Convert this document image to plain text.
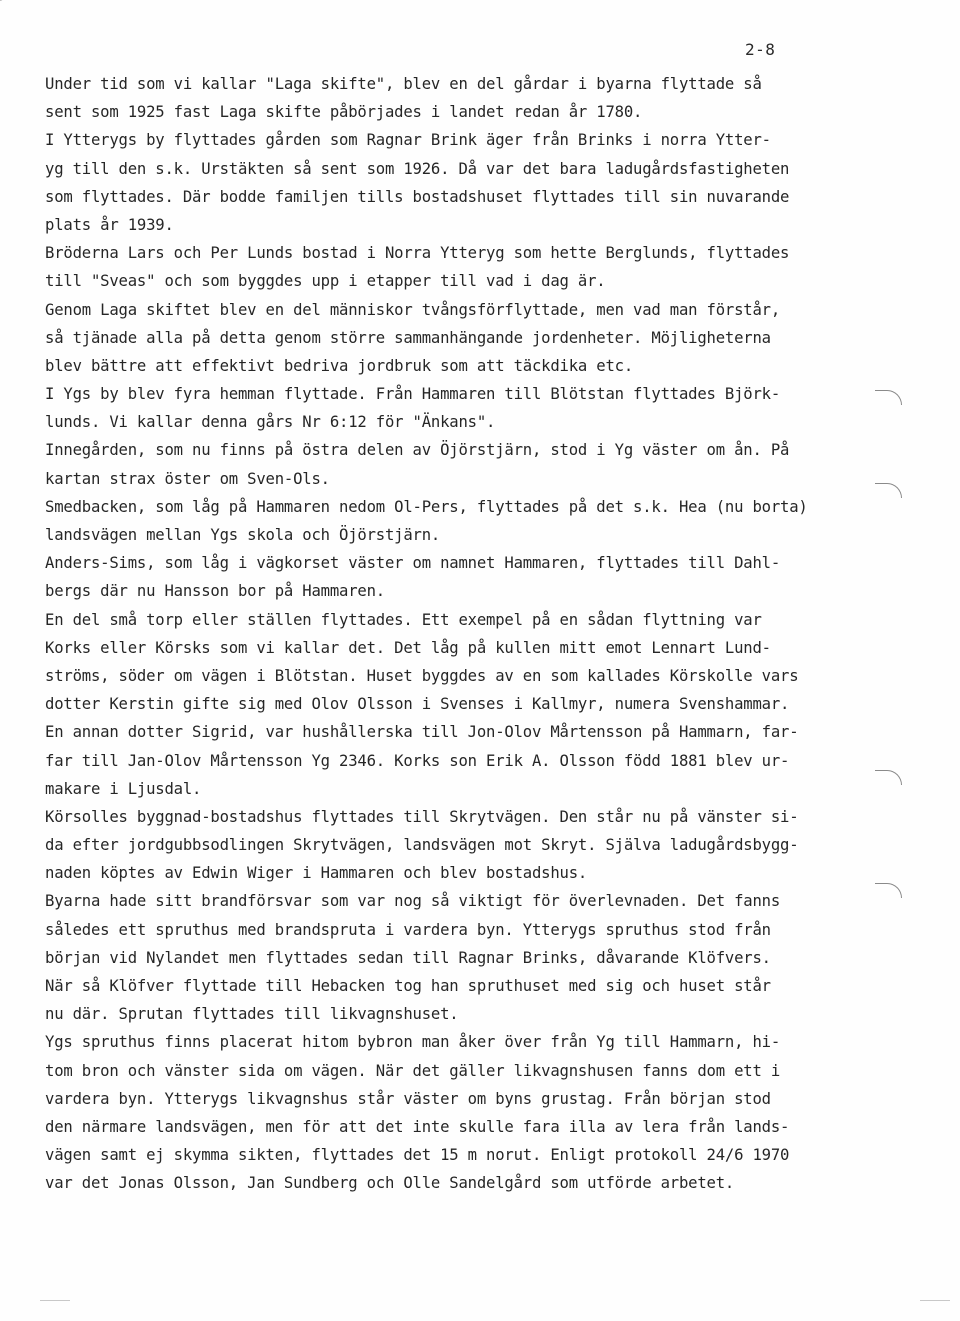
2-8
Under tid som vi kallar "Laga skifte", blev en del gårdar i byarna flyttade så
sent som 1925 fast Laga skifte påbörjades i landet redan år 1780.
I Ytterygs by flyttades gården som Ragnar Brink äger från Brinks i norra Ytter-
yg till den s.k. Urstäkten så sent som 1926. Då var det bara ladugårdsfastigheten
som flyttades. Där bodde familjen tills bostadshuset flyttades till sin nuvarande
plats år 1939.
Bröderna Lars och Per Lunds bostad i Norra Ytteryg som hette Berglunds, flyttades
till "Sveas" och som byggdes upp i etapper till vad i dag är.
Genom Laga skiftet blev en del människor tvångsförflyttade, men vad man förstår,
så tjänade alla på detta genom större sammanhängande jordenheter. Möjligheterna
blev bättre att effektivt bedriva jordbruk som att täckdika etc.
I Ygs by blev fyra hemman flyttade. Från Hammaren till Blötstan flyttades Björk-
lunds. Vi kallar denna gårs Nr 6:12 för "Änkans".
Innegården, som nu finns på östra delen av Öjörstjärn, stod i Yg väster om ån. På
kartan strax öster om Sven-Ols.
Smedbacken, som låg på Hammaren nedom Ol-Pers, flyttades på det s.k. Hea (nu borta)
landsvägen mellan Ygs skola och Öjörstjärn.
Anders-Sims, som låg i vägkorset väster om namnet Hammaren, flyttades till Dahl-
bergs där nu Hansson bor på Hammaren.
En del små torp eller ställen flyttades. Ett exempel på en sådan flyttning var
Korks eller Körsks som vi kallar det. Det låg på kullen mitt emot Lennart Lund-
ströms, söder om vägen i Blötstan. Huset byggdes av en som kallades Körskolle vars
dotter Kerstin gifte sig med Olov Olsson i Svenses i Kallmyr, numera Svenshammar.
En annan dotter Sigrid, var hushållerska till Jon-Olov Mårtensson på Hammarn, far-
far till Jan-Olov Mårtensson Yg 2346. Korks son Erik A. Olsson född 1881 blev ur-
makare i Ljusdal.
Körsolles byggnad-bostadshus flyttades till Skrytvägen. Den står nu på vänster si-
da efter jordgubbsodlingen Skrytvägen, landsvägen mot Skryt. Själva ladugårdsbygg-
naden köptes av Edwin Wiger i Hammaren och blev bostadshus.
Byarna hade sitt brandförsvar som var nog så viktigt för överlevnaden. Det fanns
således ett spruthus med brandspruta i vardera byn. Ytterygs spruthus stod från
början vid Nylandet men flyttades sedan till Ragnar Brinks, dåvarande Klöfvers.
När så Klöfver flyttade till Hebacken tog han spruthuset med sig och huset står
nu där. Sprutan flyttades till likvagnshuset.
Ygs spruthus finns placerat hitom bybron man åker över från Yg till Hammarn, hi-
tom bron och vänster sida om vägen. När det gäller likvagnshusen fanns dom ett i
vardera byn. Ytterygs likvagnshus står väster om byns grustag. Från början stod
den närmare landsvägen, men för att det inte skulle fara illa av lera från lands-
vägen samt ej skymma sikten, flyttades det 15 m norut. Enligt protokoll 24/6 1970
var det Jonas Olsson, Jan Sundberg och Olle Sandelgård som utförde arbetet.
